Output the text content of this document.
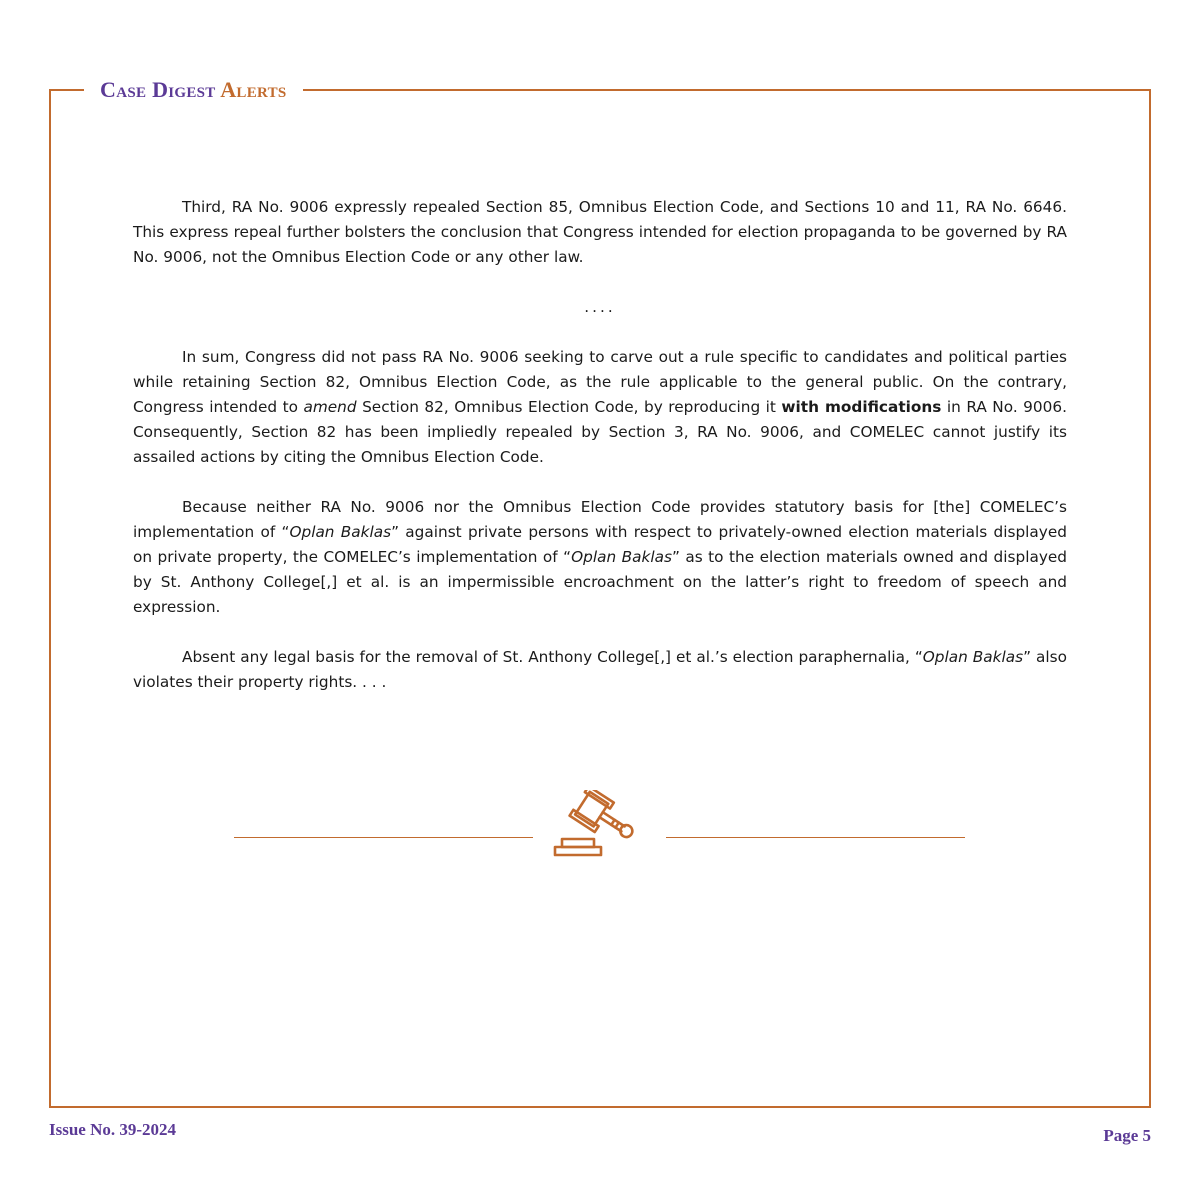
Case Digest Alerts

Third, RA No. 9006 expressly repealed Section 85, Omnibus Election Code, and Sections 10 and 11, RA No. 6646. This express repeal further bolsters the conclusion that Congress intended for election propaganda to be governed by RA No. 9006, not the Omnibus Election Code or any other law.

....

In sum, Congress did not pass RA No. 9006 seeking to carve out a rule specific to candidates and political parties while retaining Section 82, Omnibus Election Code, as the rule applicable to the general public. On the contrary, Congress intended to amend Section 82, Omnibus Election Code, by reproducing it with modifications in RA No. 9006. Consequently, Section 82 has been impliedly repealed by Section 3, RA No. 9006, and COMELEC cannot justify its assailed actions by citing the Omnibus Election Code.

Because neither RA No. 9006 nor the Omnibus Election Code provides statutory basis for [the] COMELEC’s implementation of “Oplan Baklas” against private persons with respect to privately-owned election materials displayed on private property, the COMELEC’s implementation of “Oplan Baklas” as to the election materials owned and displayed by St. Anthony College[,] et al. is an impermissible encroachment on the latter’s right to freedom of speech and expression.

Absent any legal basis for the removal of St. Anthony College[,] et al.’s election paraphernalia, “Oplan Baklas” also violates their property rights. . . .

Issue No. 39-2024	Page 5
